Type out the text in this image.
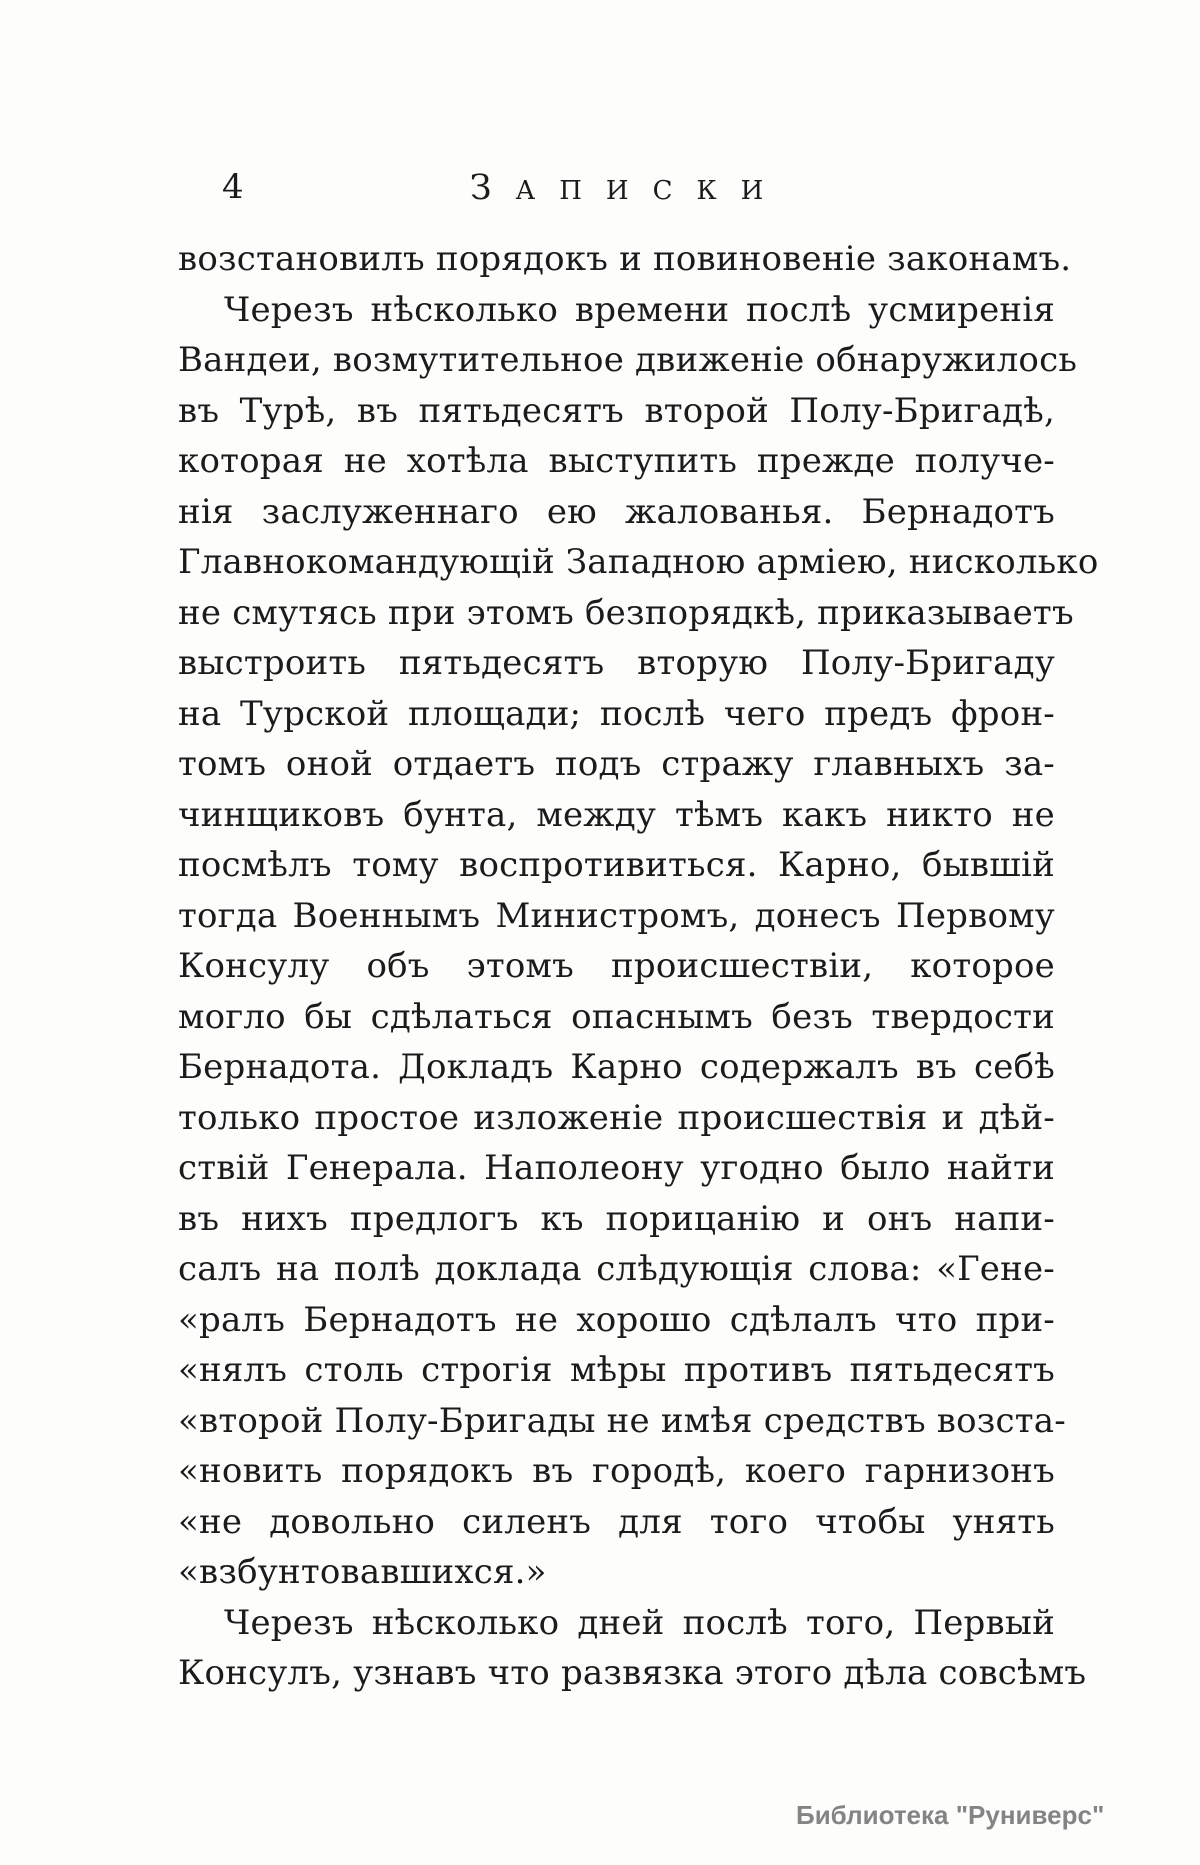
4	ЗАПИСКИ
возстановилъ порядокъ и повиновеніе законамъ.
Черезъ нѣсколько времени послѣ усмиренія
Вандеи, возмутительное движеніе обнаружилось
въ Турѣ, въ пятьдесятъ второй Полу-Бригадѣ,
которая не хотѣла выступить прежде получе-
нія заслуженнаго ею жалованья. Бернадотъ
Главнокомандующій Западною арміею, нисколько
не смутясь при этомъ безпорядкѣ, приказываетъ
выстроить пятьдесятъ вторую Полу-Бригаду
на Турской площади; послѣ чего предъ фрон-
томъ оной отдаетъ подъ стражу главныхъ за-
чинщиковъ бунта, между тѣмъ какъ никто не
посмѣлъ тому воспротивиться. Карно, бывшій
тогда Военнымъ Министромъ, донесъ Первому
Консулу объ этомъ происшествіи, которое
могло бы сдѣлаться опаснымъ безъ твердости
Бернадота. Докладъ Карно содержалъ въ себѣ
только простое изложеніе происшествія и дѣй-
ствій Генерала. Наполеону угодно было найти
въ нихъ предлогъ къ порицанію и онъ напи-
салъ на полѣ доклада слѣдующія слова: «Гене-
«ралъ Бернадотъ не хорошо сдѣлалъ что при-
«нялъ столь строгія мѣры противъ пятьдесятъ
«второй Полу-Бригады не имѣя средствъ возста-
«новить порядокъ въ городѣ, коего гарнизонъ
«не довольно силенъ для того чтобы унять
«взбунтовавшихся.»
Черезъ нѣсколько дней послѣ того, Первый
Консулъ, узнавъ что развязка этого дѣла совсѣмъ
Библиотека "Руниверс"
